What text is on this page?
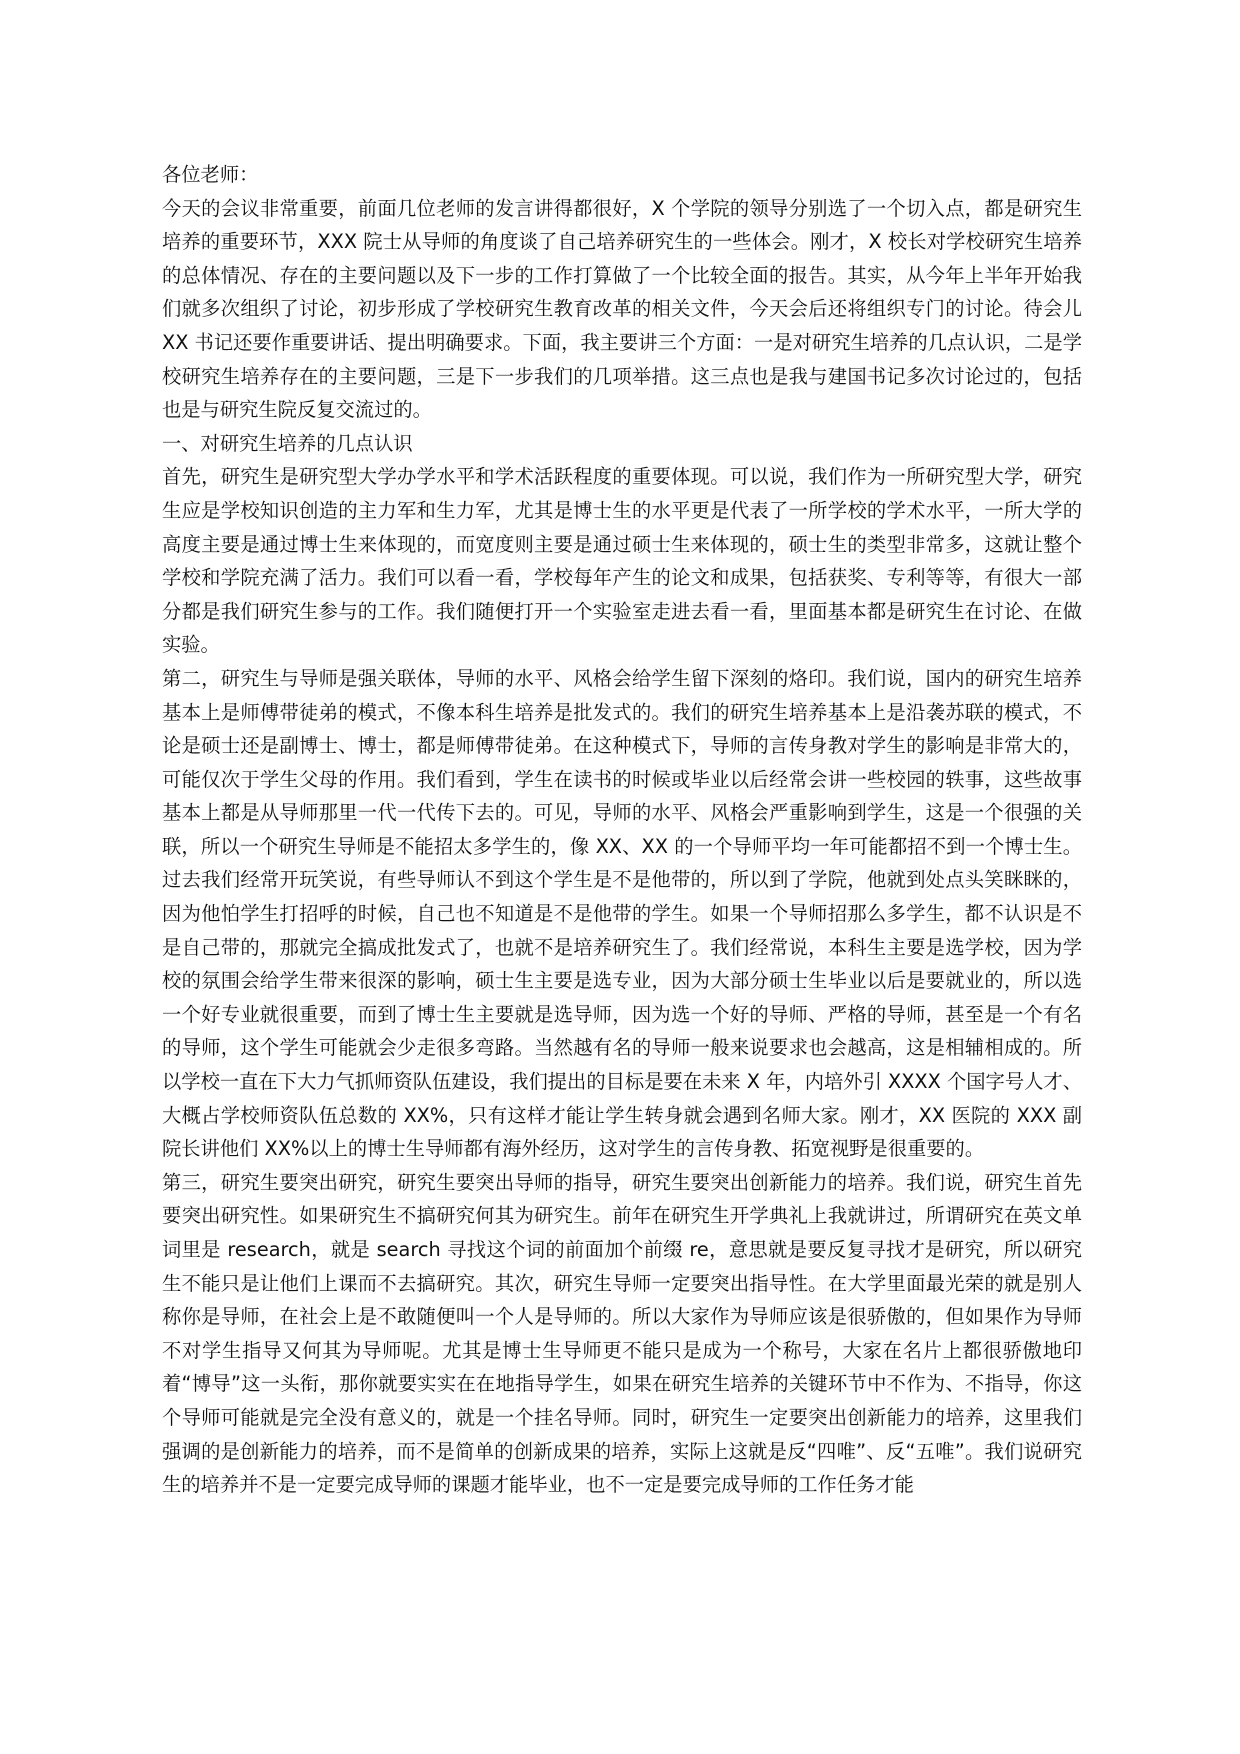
各位老师：

今天的会议非常重要，前面几位老师的发言讲得都很好，X 个学院的领导分别选了一个切入点，都是研究生培养的重要环节，XXX 院士从导师的角度谈了自己培养研究生的一些体会。刚才，X 校长对学校研究生培养的总体情况、存在的主要问题以及下一步的工作打算做了一个比较全面的报告。其实，从今年上半年开始我们就多次组织了讨论，初步形成了学校研究生教育改革的相关文件，今天会后还将组织专门的讨论。待会儿 XX 书记还要作重要讲话、提出明确要求。下面，我主要讲三个方面：一是对研究生培养的几点认识，二是学校研究生培养存在的主要问题，三是下一步我们的几项举措。这三点也是我与建国书记多次讨论过的，包括也是与研究生院反复交流过的。

一、对研究生培养的几点认识

首先，研究生是研究型大学办学水平和学术活跃程度的重要体现。可以说，我们作为一所研究型大学，研究生应是学校知识创造的主力军和生力军，尤其是博士生的水平更是代表了一所学校的学术水平，一所大学的高度主要是通过博士生来体现的，而宽度则主要是通过硕士生来体现的，硕士生的类型非常多，这就让整个学校和学院充满了活力。我们可以看一看，学校每年产生的论文和成果，包括获奖、专利等等，有很大一部分都是我们研究生参与的工作。我们随便打开一个实验室走进去看一看，里面基本都是研究生在讨论、在做实验。

第二，研究生与导师是强关联体，导师的水平、风格会给学生留下深刻的烙印。我们说，国内的研究生培养基本上是师傅带徒弟的模式，不像本科生培养是批发式的。我们的研究生培养基本上是沿袭苏联的模式，不论是硕士还是副博士、博士，都是师傅带徒弟。在这种模式下，导师的言传身教对学生的影响是非常大的，可能仅次于学生父母的作用。我们看到，学生在读书的时候或毕业以后经常会讲一些校园的轶事，这些故事基本上都是从导师那里一代一代传下去的。可见，导师的水平、风格会严重影响到学生，这是一个很强的关联，所以一个研究生导师是不能招太多学生的，像 XX、XX 的一个导师平均一年可能都招不到一个博士生。过去我们经常开玩笑说，有些导师认不到这个学生是不是他带的，所以到了学院，他就到处点头笑眯眯的，因为他怕学生打招呼的时候，自己也不知道是不是他带的学生。如果一个导师招那么多学生，都不认识是不是自己带的，那就完全搞成批发式了，也就不是培养研究生了。我们经常说，本科生主要是选学校，因为学校的氛围会给学生带来很深的影响，硕士生主要是选专业，因为大部分硕士生毕业以后是要就业的，所以选一个好专业就很重要，而到了博士生主要就是选导师，因为选一个好的导师、严格的导师，甚至是一个有名的导师，这个学生可能就会少走很多弯路。当然越有名的导师一般来说要求也会越高，这是相辅相成的。所以学校一直在下大力气抓师资队伍建设，我们提出的目标是要在未来 X 年，内培外引 XXXX 个国字号人才、大概占学校师资队伍总数的 XX%，只有这样才能让学生转身就会遇到名师大家。刚才，XX 医院的 XXX 副院长讲他们 XX%以上的博士生导师都有海外经历，这对学生的言传身教、拓宽视野是很重要的。

第三，研究生要突出研究，研究生要突出导师的指导，研究生要突出创新能力的培养。我们说，研究生首先要突出研究性。如果研究生不搞研究何其为研究生。前年在研究生开学典礼上我就讲过，所谓研究在英文单词里是 research，就是 search 寻找这个词的前面加个前缀 re，意思就是要反复寻找才是研究，所以研究生不能只是让他们上课而不去搞研究。其次，研究生导师一定要突出指导性。在大学里面最光荣的就是别人称你是导师，在社会上是不敢随便叫一个人是导师的。所以大家作为导师应该是很骄傲的，但如果作为导师不对学生指导又何其为导师呢。尤其是博士生导师更不能只是成为一个称号，大家在名片上都很骄傲地印着“博导”这一头衔，那你就要实实在在地指导学生，如果在研究生培养的关键环节中不作为、不指导，你这个导师可能就是完全没有意义的，就是一个挂名导师。同时，研究生一定要突出创新能力的培养，这里我们强调的是创新能力的培养，而不是简单的创新成果的培养，实际上这就是反“四唯”、反“五唯”。我们说研究生的培养并不是一定要完成导师的课题才能毕业，也不一定是要完成导师的工作任务才能
